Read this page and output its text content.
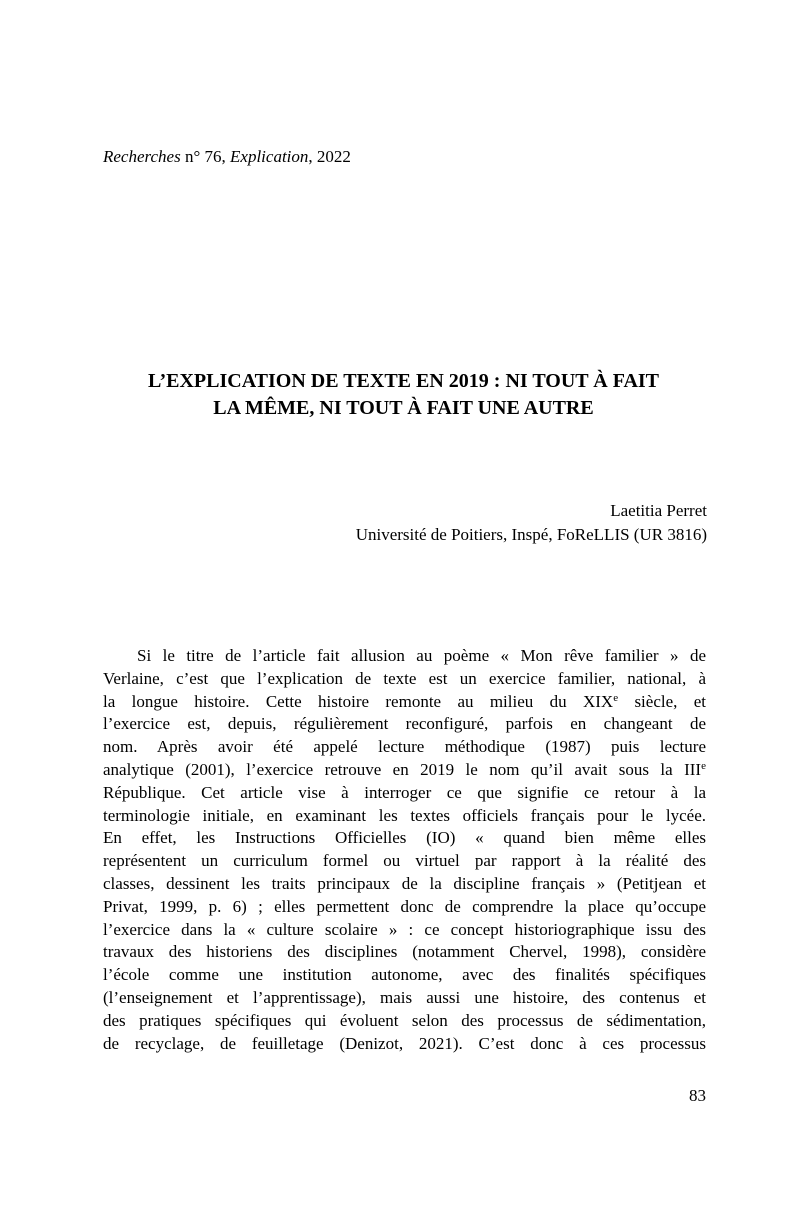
Recherches n° 76, Explication, 2022
L’EXPLICATION DE TEXTE EN 2019 : NI TOUT À FAIT
LA MÊME, NI TOUT À FAIT UNE AUTRE
Laetitia Perret
Université de Poitiers, Inspé, FoReLLIS (UR 3816)
Si le titre de l’article fait allusion au poème « Mon rêve familier » de
Verlaine, c’est que l’explication de texte est un exercice familier, national, à
la longue histoire. Cette histoire remonte au milieu du XIXe siècle, et
l’exercice est, depuis, régulièrement reconfiguré, parfois en changeant de
nom. Après avoir été appelé lecture méthodique (1987) puis lecture
analytique (2001), l’exercice retrouve en 2019 le nom qu’il avait sous la IIIe
République. Cet article vise à interroger ce que signifie ce retour à la
terminologie initiale, en examinant les textes officiels français pour le lycée.
En effet, les Instructions Officielles (IO) « quand bien même elles
représentent un curriculum formel ou virtuel par rapport à la réalité des
classes, dessinent les traits principaux de la discipline français » (Petitjean et
Privat, 1999, p. 6) ; elles permettent donc de comprendre la place qu’occupe
l’exercice dans la « culture scolaire » : ce concept historiographique issu des
travaux des historiens des disciplines (notamment Chervel, 1998), considère
l’école comme une institution autonome, avec des finalités spécifiques
(l’enseignement et l’apprentissage), mais aussi une histoire, des contenus et
des pratiques spécifiques qui évoluent selon des processus de sédimentation,
de recyclage, de feuilletage (Denizot, 2021). C’est donc à ces processus
83
